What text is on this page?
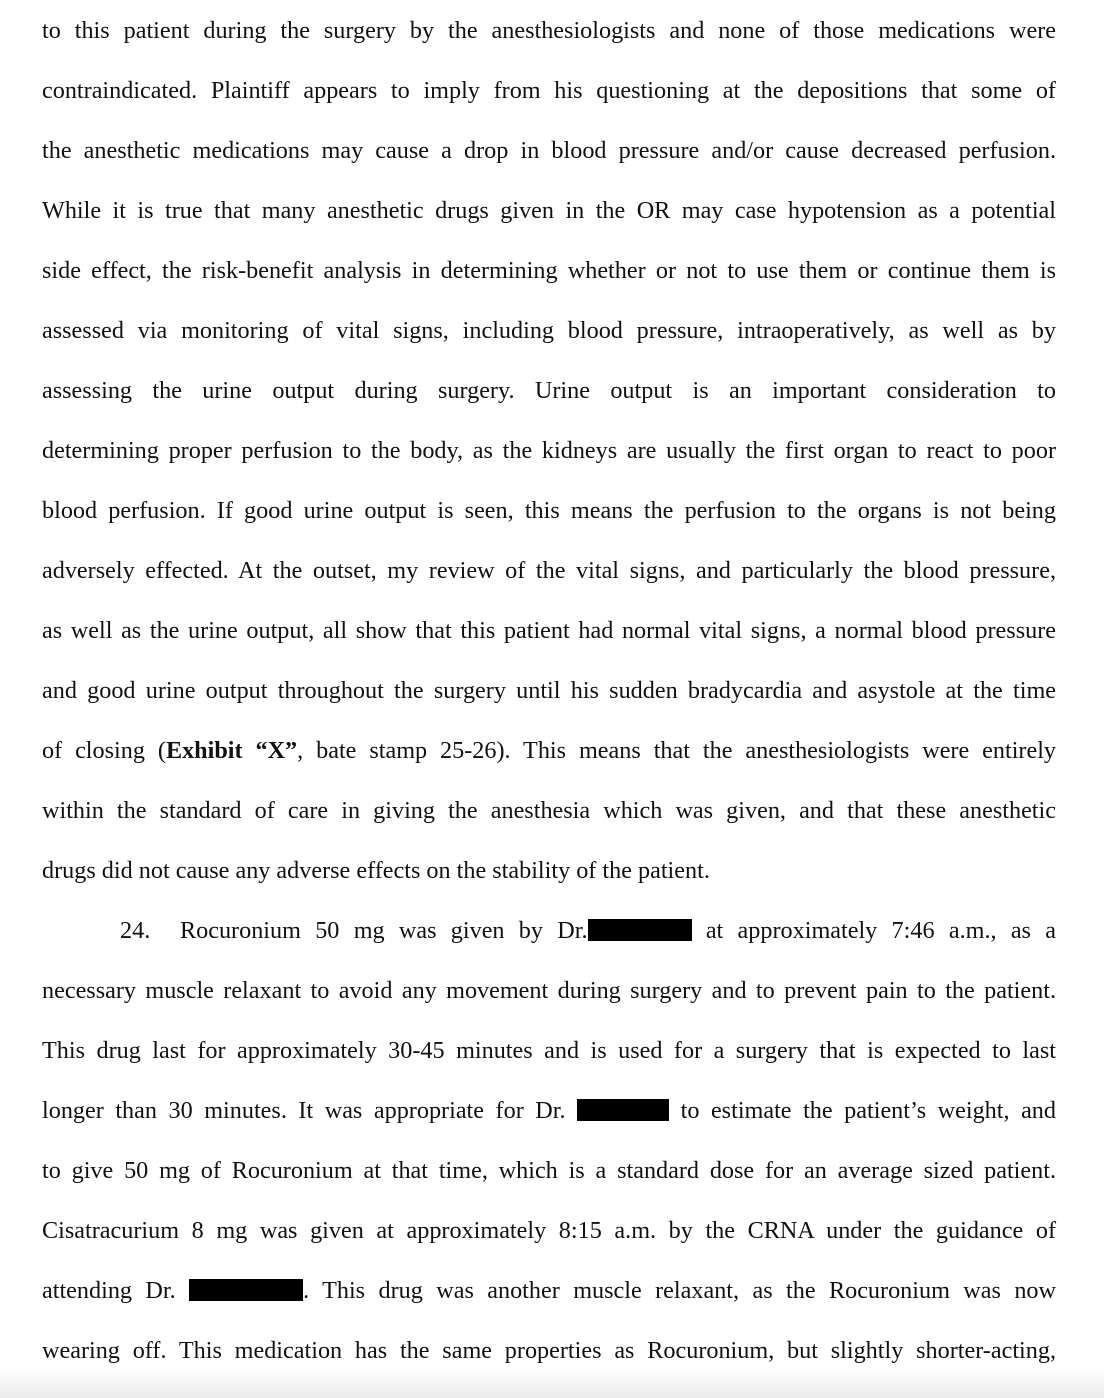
to this patient during the surgery by the anesthesiologists and none of those medications were
contraindicated. Plaintiff appears to imply from his questioning at the depositions that some of
the anesthetic medications may cause a drop in blood pressure and/or cause decreased perfusion.
While it is true that many anesthetic drugs given in the OR may case hypotension as a potential
side effect, the risk-benefit analysis in determining whether or not to use them or continue them is
assessed via monitoring of vital signs, including blood pressure, intraoperatively, as well as by
assessing the urine output during surgery. Urine output is an important consideration to
determining proper perfusion to the body, as the kidneys are usually the first organ to react to poor
blood perfusion. If good urine output is seen, this means the perfusion to the organs is not being
adversely effected. At the outset, my review of the vital signs, and particularly the blood pressure,
as well as the urine output, all show that this patient had normal vital signs, a normal blood pressure
and good urine output throughout the surgery until his sudden bradycardia and asystole at the time
of closing (Exhibit “X”, bate stamp 25-26). This means that the anesthesiologists were entirely
within the standard of care in giving the anesthesia which was given, and that these anesthetic
drugs did not cause any adverse effects on the stability of the patient.
24. Rocuronium 50 mg was given by Dr.	at approximately 7:46 a.m., as a
necessary muscle relaxant to avoid any movement during surgery and to prevent pain to the patient.
This drug last for approximately 30-45 minutes and is used for a surgery that is expected to last
longer than 30 minutes. It was appropriate for Dr.	to estimate the patient’s weight, and
to give 50 mg of Rocuronium at that time, which is a standard dose for an average sized patient.
Cisatracurium 8 mg was given at approximately 8:15 a.m. by the CRNA under the guidance of
attending Dr.	. This drug was another muscle relaxant, as the Rocuronium was now
wearing off. This medication has the same properties as Rocuronium, but slightly shorter-acting,
